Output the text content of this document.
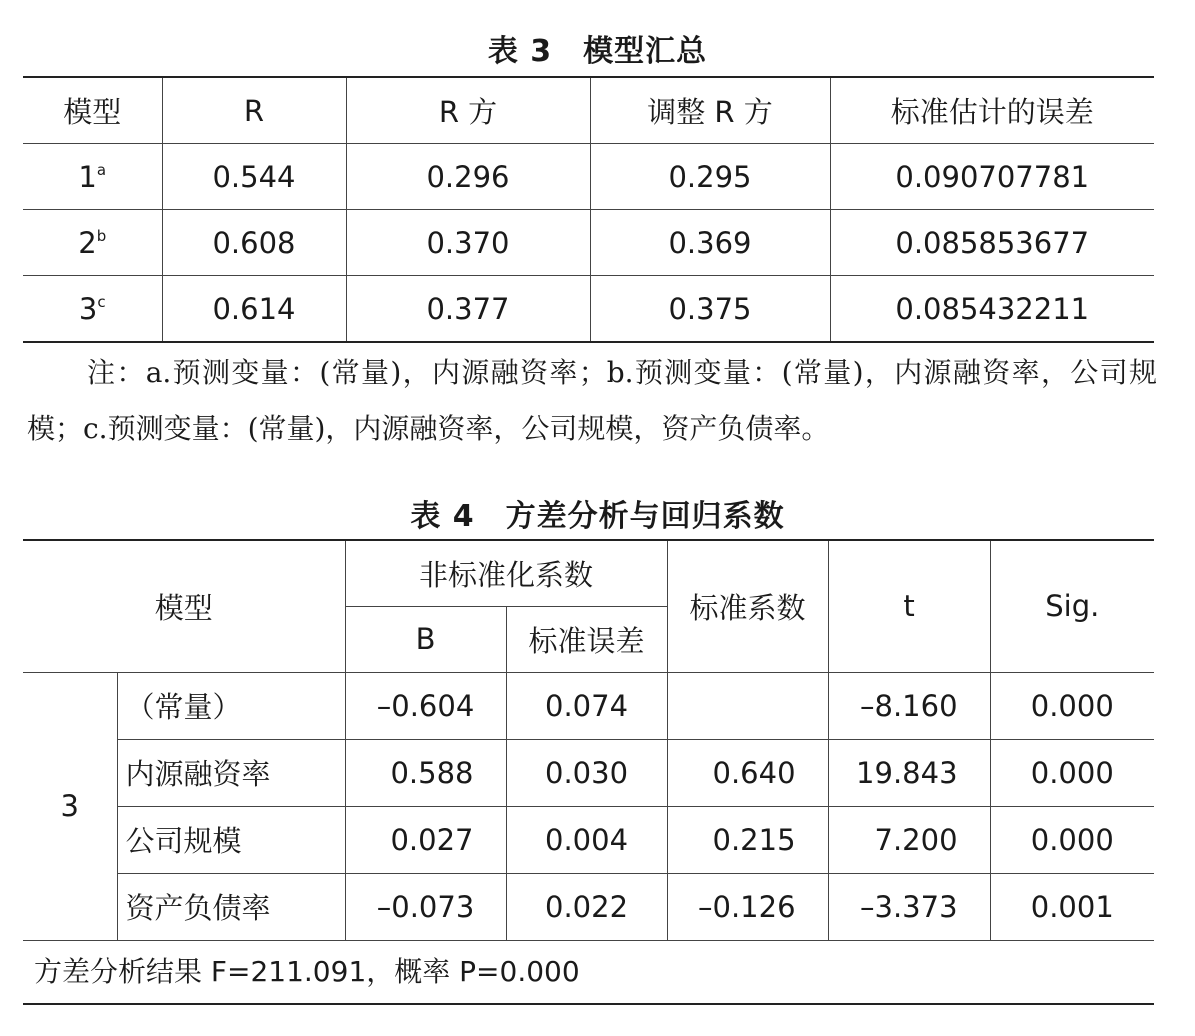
表 3　模型汇总
模型	R	R 方	调整 R 方	标准估计的误差
1$^a$	0.544	0.296	0.295	0.090707781
2$^b$	0.608	0.370	0.369	0.085853677
3$^c$	0.614	0.377	0.375	0.085432211
注：a.预测变量：(常量)，内源融资率；b.预测变量：(常量)，内源融资率，公司规模；c.预测变量：(常量)，内源融资率，公司规模，资产负债率。
表 4　方差分析与回归系数
模型		非标准化系数		标准系数	t	Sig.
		B	标准误差			
3	（常量）	–0.604	0.074		–8.160	0.000
	内源融资率	0.588	0.030	0.640	19.843	0.000
	公司规模	0.027	0.004	0.215	7.200	0.000
	资产负债率	–0.073	0.022	–0.126	–3.373	0.001
方差分析结果 F=211.091，概率 P=0.000
